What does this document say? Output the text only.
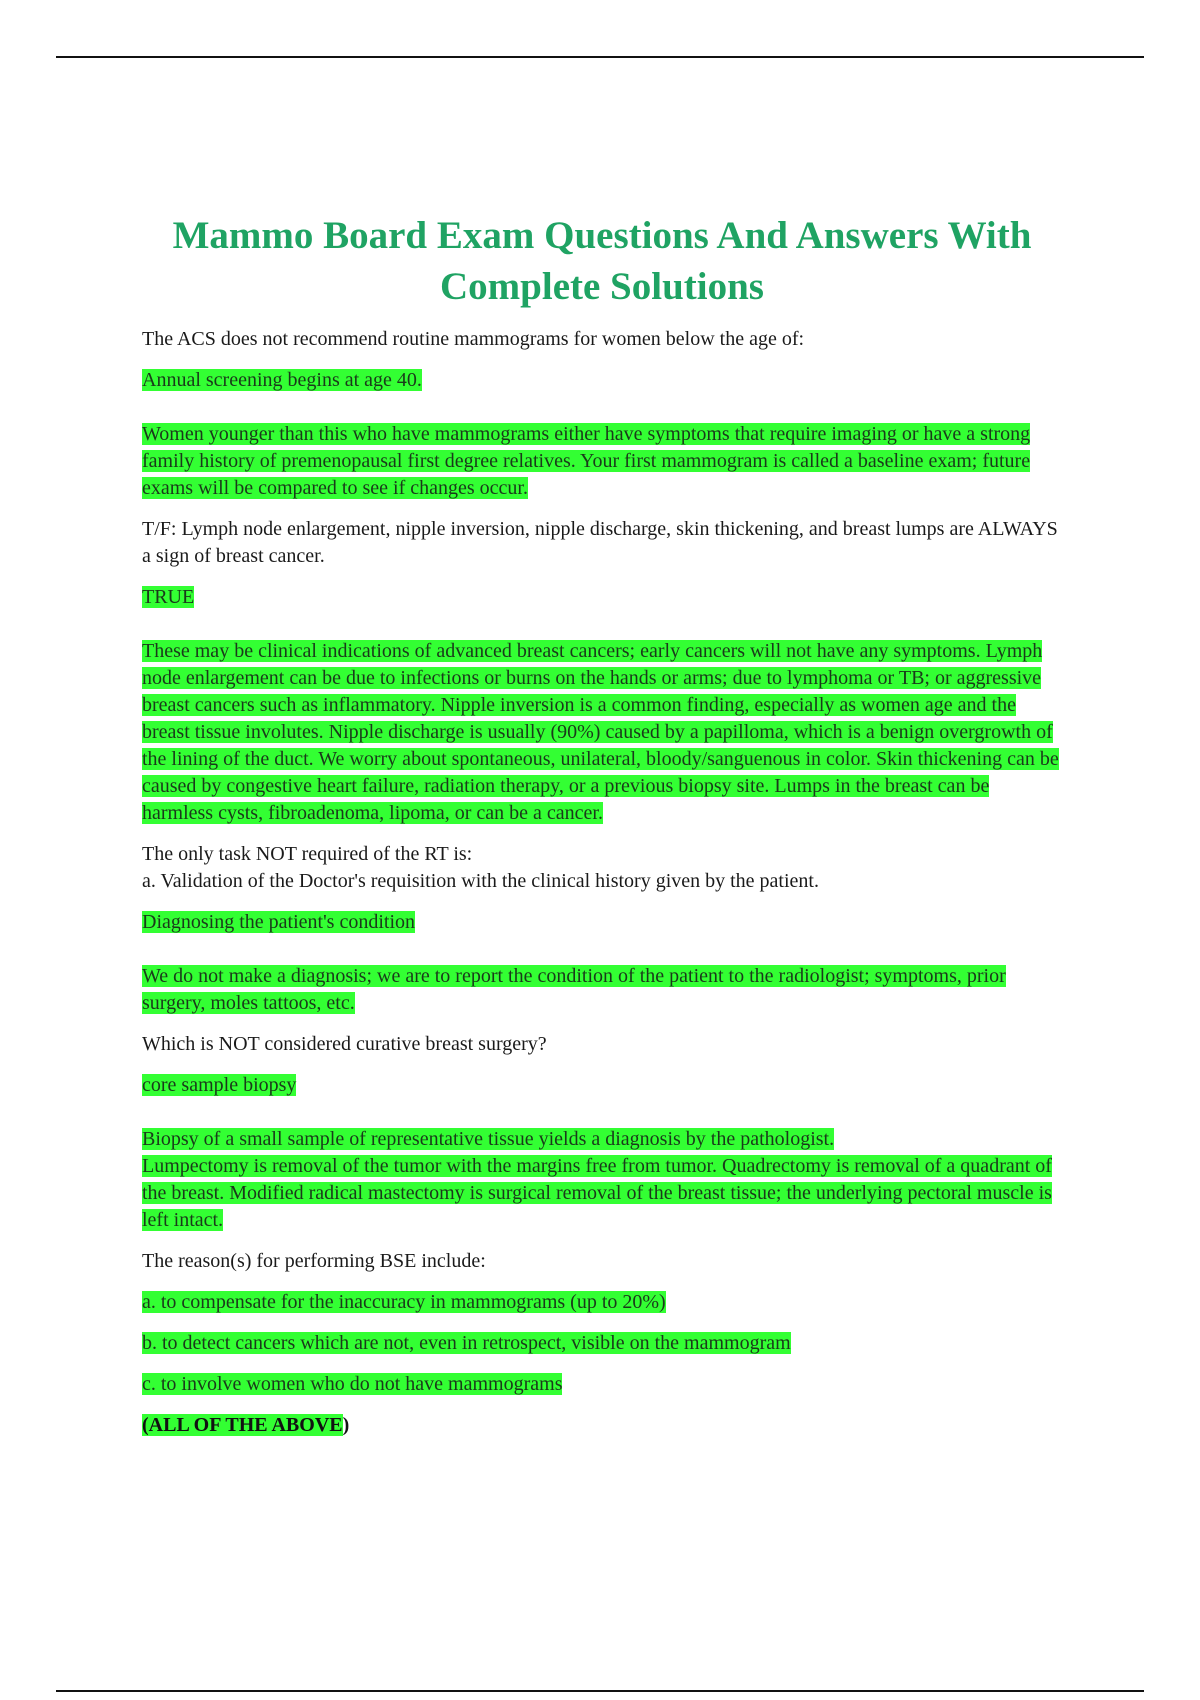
Mammo Board Exam Questions And Answers With Complete Solutions

The ACS does not recommend routine mammograms for women below the age of:

Annual screening begins at age 40.
Women younger than this who have mammograms either have symptoms that require imaging or have a strong family history of premenopausal first degree relatives. Your first mammogram is called a baseline exam; future exams will be compared to see if changes occur.

T/F: Lymph node enlargement, nipple inversion, nipple discharge, skin thickening, and breast lumps are ALWAYS a sign of breast cancer.

TRUE
These may be clinical indications of advanced breast cancers; early cancers will not have any symptoms. Lymph node enlargement can be due to infections or burns on the hands or arms; due to lymphoma or TB; or aggressive breast cancers such as inflammatory. Nipple inversion is a common finding, especially as women age and the breast tissue involutes. Nipple discharge is usually (90%) caused by a papilloma, which is a benign overgrowth of the lining of the duct. We worry about spontaneous, unilateral, bloody/sanguenous in color. Skin thickening can be caused by congestive heart failure, radiation therapy, or a previous biopsy site. Lumps in the breast can be harmless cysts, fibroadenoma, lipoma, or can be a cancer.

The only task NOT required of the RT is:

a. Validation of the Doctor's requisition with the clinical history given by the patient.

Diagnosing the patient's condition
We do not make a diagnosis; we are to report the condition of the patient to the radiologist; symptoms, prior surgery, moles tattoos, etc.

Which is NOT considered curative breast surgery?

core sample biopsy
Biopsy of a small sample of representative tissue yields a diagnosis by the pathologist.
Lumpectomy is removal of the tumor with the margins free from tumor. Quadrectomy is removal of a quadrant of the breast. Modified radical mastectomy is surgical removal of the breast tissue; the underlying pectoral muscle is left intact.

The reason(s) for performing BSE include:

a. to compensate for the inaccuracy in mammograms (up to 20%)
b. to detect cancers which are not, even in retrospect, visible on the mammogram
c. to involve women who do not have mammograms
(ALL OF THE ABOVE)
